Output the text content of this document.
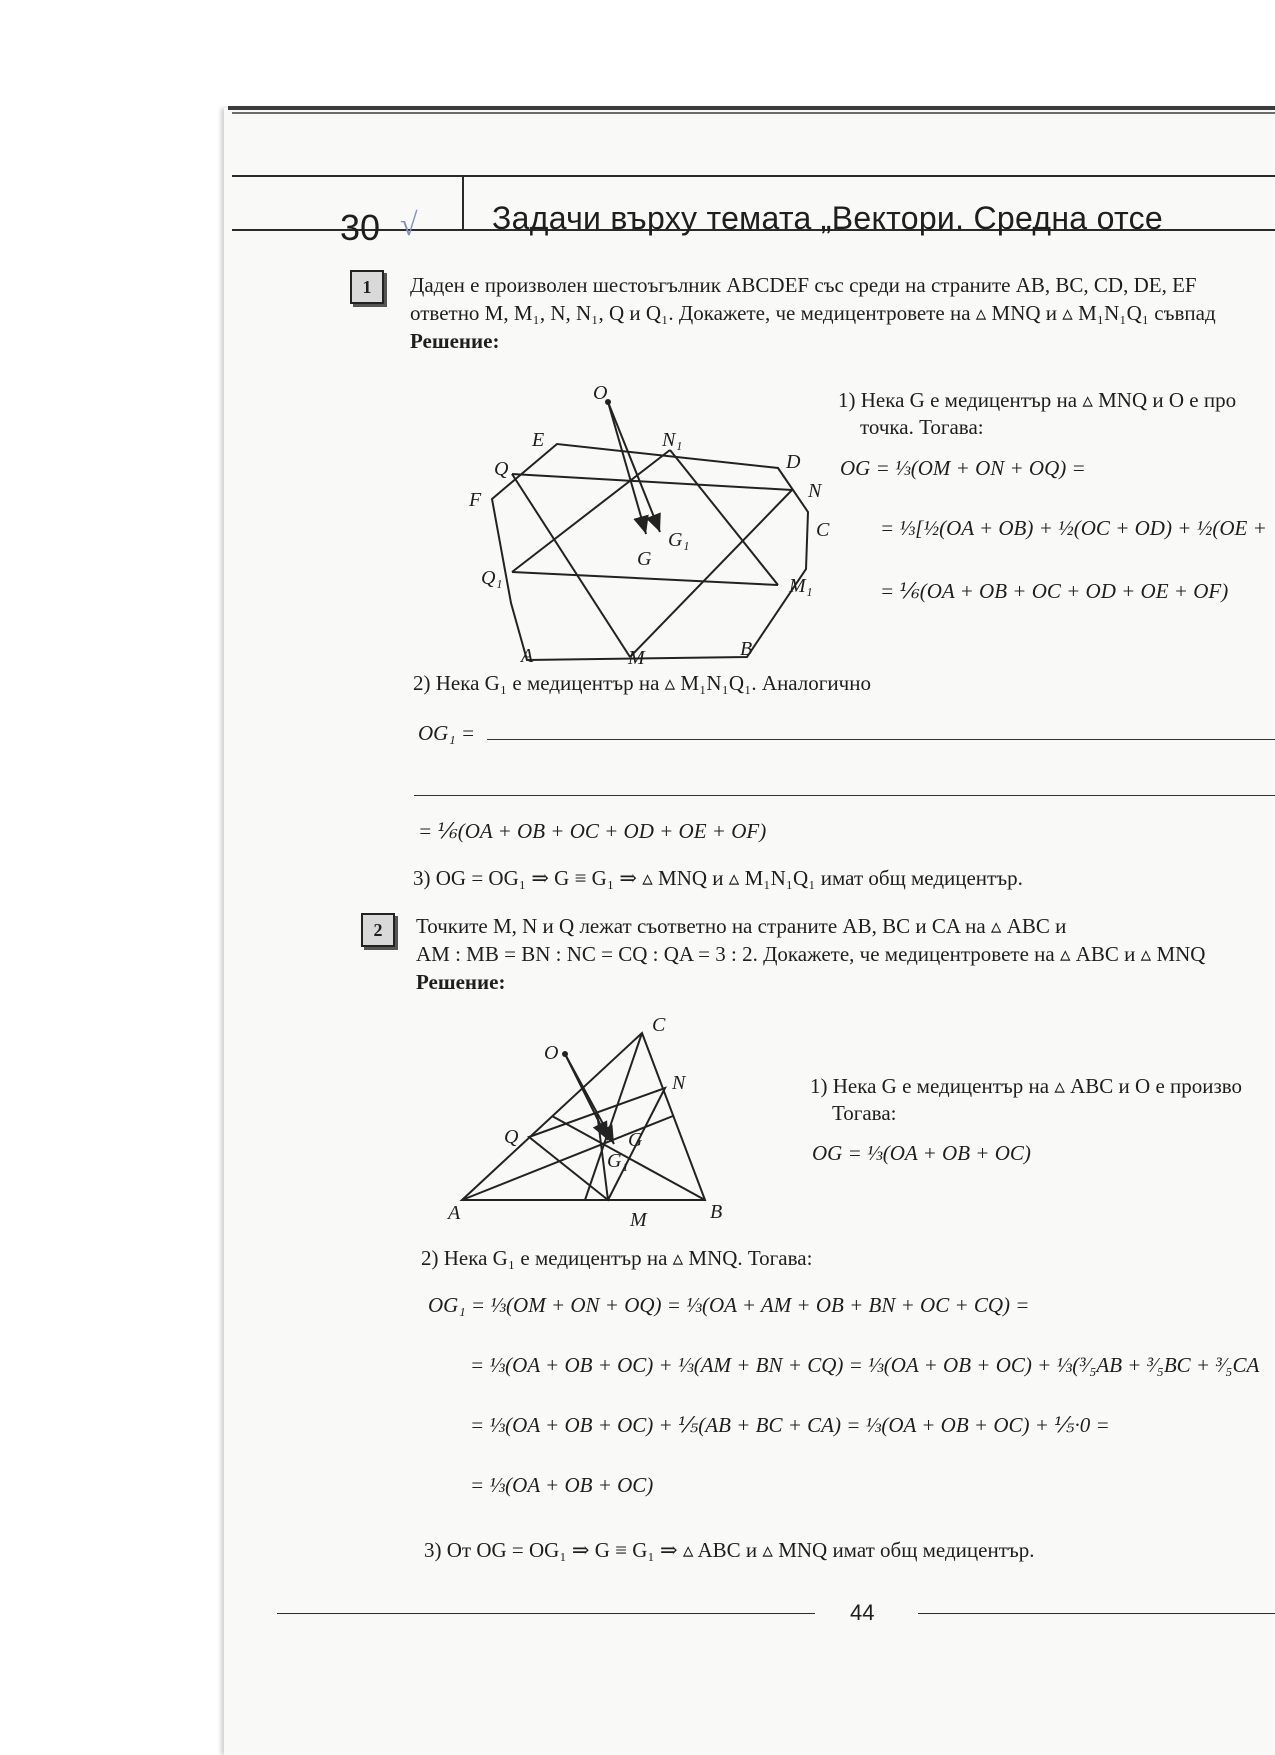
30 √ Задачи върху темата „Вектори. Средна отсе
1	Даден е произволен шестоъгълник ABCDEF със среди на страните AB, BC, CD, DE, EF
ответно M, M₁, N, N₁, Q и Q₁. Докажете, че медицентровете на ▵ MNQ и ▵ M₁N₁Q₁ съвпад
Решение:
O
E	N₁
D
Q
N
F
C
G
G₁
Q₁	M₁
A	M	B
1) Нека G е медицентър на ▵ MNQ и O е про
точка. Тогава:
OG = ⅓(OM + ON + OQ) =
= ⅓[½(OA + OB) + ½(OC + OD) + ½(OE +
= ⅙(OA + OB + OC + OD + OE + OF)
2) Нека G₁ е медицентър на ▵ M₁N₁Q₁. Аналогично
OG₁ =
= ⅙(OA + OB + OC + OD + OE + OF)
3) OG = OG₁ ⇒ G ≡ G₁ ⇒ ▵ MNQ и ▵ M₁N₁Q₁ имат общ медицентър.
2	Точките M, N и Q лежат съответно на страните AB, BC и CA на ▵ ABC и
AM : MB = BN : NC = CQ : QA = 3 : 2. Докажете, че медицентровете на ▵ ABC и ▵ MNQ
Решение:
C
O
N
Q	G
G₁
A	M	B
1) Нека G е медицентър на ▵ ABC и O е произво
Тогава:
OG = ⅓(OA + OB + OC)
2) Нека G₁ е медицентър на ▵ MNQ. Тогава:
OG₁ = ⅓(OM + ON + OQ) = ⅓(OA + AM + OB + BN + OC + CQ) =
= ⅓(OA + OB + OC) + ⅓(AM + BN + CQ) = ⅓(OA + OB + OC) + ⅓(³⁄₅AB + ³⁄₅BC + ³⁄₅CA
= ⅓(OA + OB + OC) + ⅕(AB + BC + CA) = ⅓(OA + OB + OC) + ⅕·0 =
= ⅓(OA + OB + OC)
3) От OG = OG₁ ⇒ G ≡ G₁ ⇒ ▵ ABC и ▵ MNQ имат общ медицентър.
44
